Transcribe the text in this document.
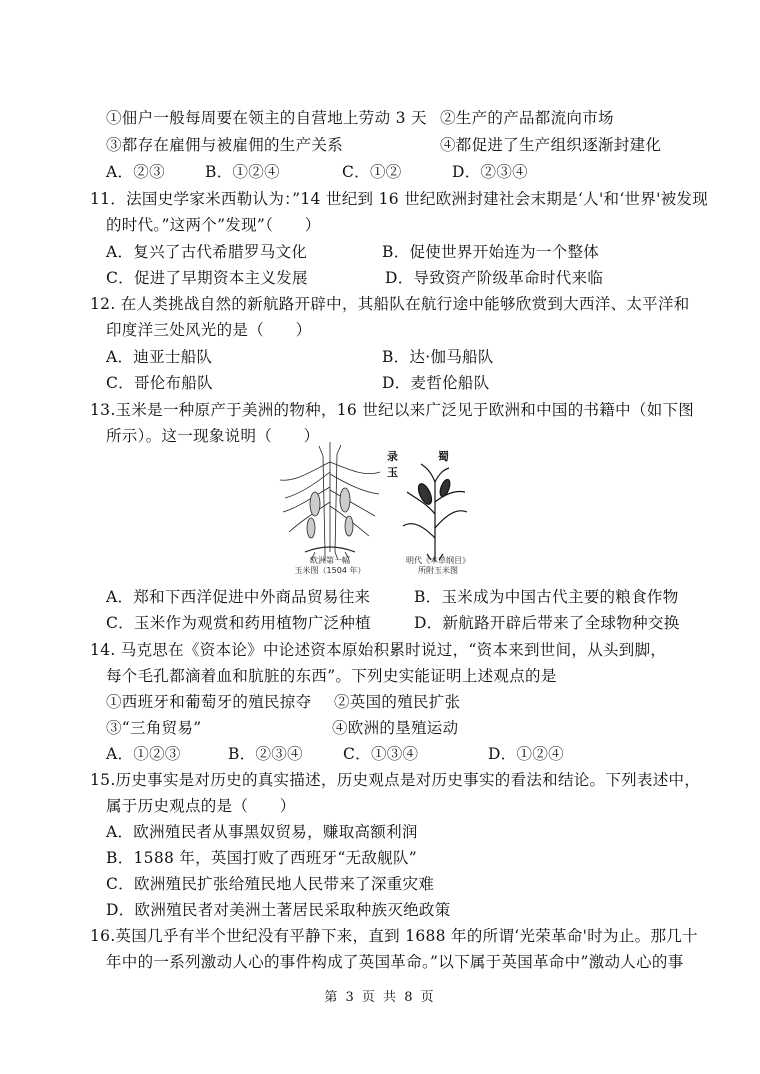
①佃户一般每周要在领主的自营地上劳动 3 天 ②生产的产品都流向市场
③都存在雇佣与被雇佣的生产关系	④都促进了生产组织逐渐封建化
A．②③	B．①②④	C．①②	D．②③④
11．法国史学家米西勒认为：”14 世纪到 16 世纪欧洲封建社会末期是‘人'和‘世界'被发现
的时代。”这两个”发现”（　　）
A．复兴了古代希腊罗马文化	B．促使世界开始连为一个整体
C．促进了早期资本主义发展	D．导致资产阶级革命时代来临
12. 在人类挑战自然的新航路开辟中，其船队在航行途中能够欣赏到大西洋、太平洋和
印度洋三处风光的是（　　）
A．迪亚士船队	B．达·伽马船队
C．哥伦布船队	D．麦哲伦船队
13.玉米是一种原产于美洲的物种，16 世纪以来广泛见于欧洲和中国的书籍中（如下图
所示）。这一现象说明（　　）
录 蜀 玉
欧洲第一幅
玉米图（1504 年）
明代《本草纲目》
所附玉米图
A．郑和下西洋促进中外商品贸易往来	B．玉米成为中国古代主要的粮食作物
C．玉米作为观赏和药用植物广泛种植	D．新航路开辟后带来了全球物种交换
14. 马克思在《资本论》中论述资本原始积累时说过，“资本来到世间，从头到脚，
每个毛孔都滴着血和肮脏的东西”。下列史实能证明上述观点的是
①西班牙和葡萄牙的殖民掠夺 ②英国的殖民扩张
③“三角贸易”	④欧洲的垦殖运动
A．①②③	B．②③④	C．①③④	D．①②④
15.历史事实是对历史的真实描述，历史观点是对历史事实的看法和结论。下列表述中，
属于历史观点的是（　　）
A．欧洲殖民者从事黑奴贸易，赚取高额利润
B．1588 年，英国打败了西班牙“无敌舰队”
C．欧洲殖民扩张给殖民地人民带来了深重灾难
D．欧洲殖民者对美洲土著居民采取种族灭绝政策
16.英国几乎有半个世纪没有平静下来，直到 1688 年的所谓‘光荣革命'时为止。那几十
年中的一系列激动人心的事件构成了英国革命。”以下属于英国革命中”激动人心的事
第 3 页 共 8 页
